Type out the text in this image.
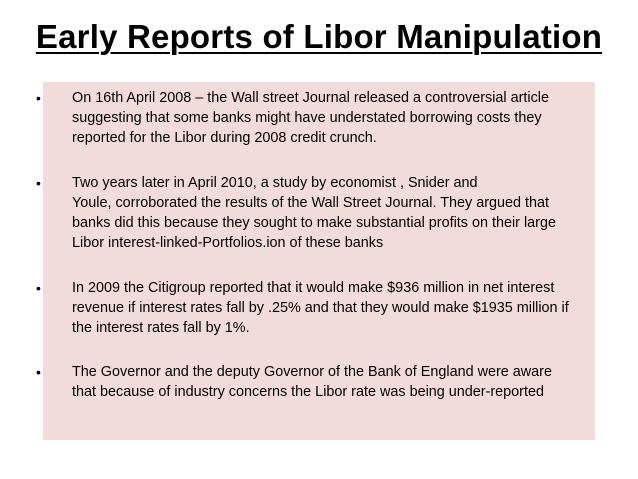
Early Reports of Libor Manipulation
• On 16th April 2008 – the Wall street Journal released a controversial article
suggesting that some banks might have understated borrowing costs they
reported for the Libor during 2008 credit crunch.
• Two years later in April 2010, a study by economist , Snider and
Youle, corroborated the results of the Wall Street Journal. They argued that
banks did this because they sought to make substantial profits on their large
Libor interest-linked-Portfolios.ion of these banks
• In 2009 the Citigroup reported that it would make $936 million in net interest
revenue if interest rates fall by .25% and that they would make $1935 million if
the interest rates fall by 1%.
• The Governor and the deputy Governor of the Bank of England were aware
that because of industry concerns the Libor rate was being under-reported
